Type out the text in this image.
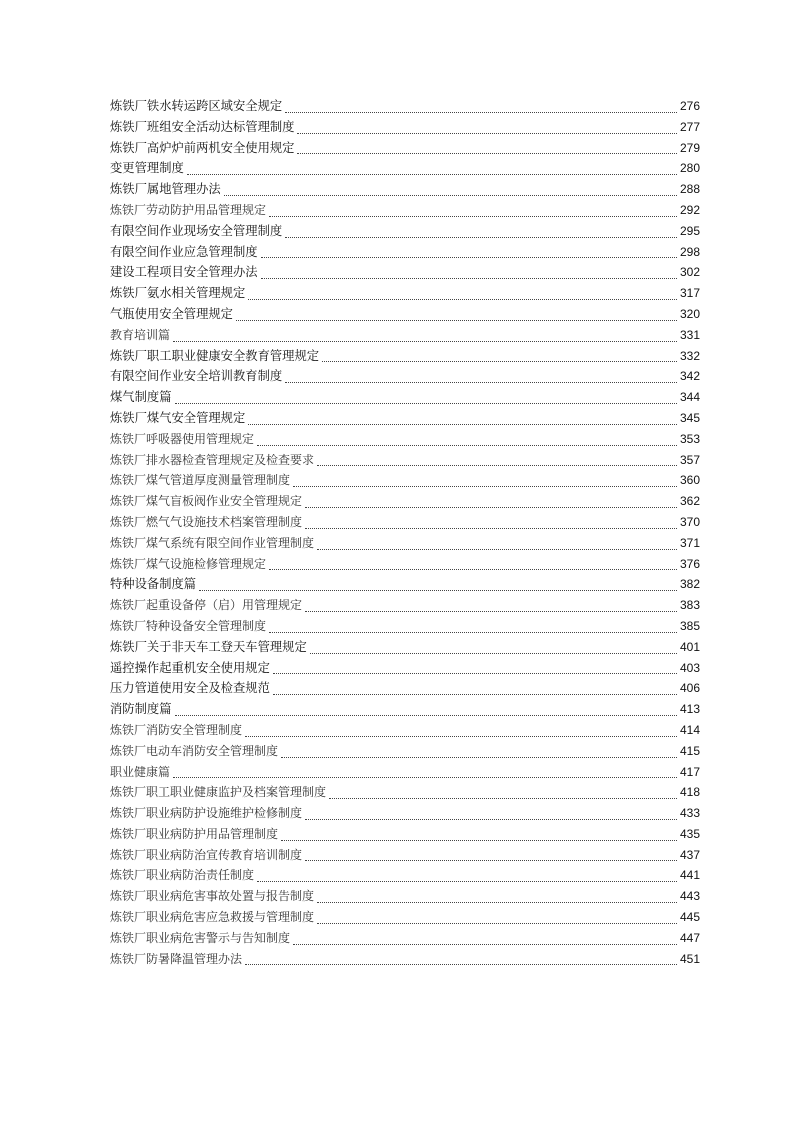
炼铁厂铁水转运跨区域安全规定	276
炼铁厂班组安全活动达标管理制度	277
炼铁厂高炉炉前两机安全使用规定	279
变更管理制度	280
炼铁厂属地管理办法	288
炼铁厂劳动防护用品管理规定	292
有限空间作业现场安全管理制度	295
有限空间作业应急管理制度	298
建设工程项目安全管理办法	302
炼铁厂氨水相关管理规定	317
气瓶使用安全管理规定	320
教育培训篇	331
炼铁厂职工职业健康安全教育管理规定	332
有限空间作业安全培训教育制度	342
煤气制度篇	344
炼铁厂煤气安全管理规定	345
炼铁厂呼吸器使用管理规定	353
炼铁厂排水器检查管理规定及检查要求	357
炼铁厂煤气管道厚度测量管理制度	360
炼铁厂煤气盲板阀作业安全管理规定	362
炼铁厂燃气气设施技术档案管理制度	370
炼铁厂煤气系统有限空间作业管理制度	371
炼铁厂煤气设施检修管理规定	376
特种设备制度篇	382
炼铁厂起重设备停（启）用管理规定	383
炼铁厂特种设备安全管理制度	385
炼铁厂关于非天车工登天车管理规定	401
遥控操作起重机安全使用规定	403
压力管道使用安全及检查规范	406
消防制度篇	413
炼铁厂消防安全管理制度	414
炼铁厂电动车消防安全管理制度	415
职业健康篇	417
炼铁厂职工职业健康监护及档案管理制度	418
炼铁厂职业病防护设施维护检修制度	433
炼铁厂职业病防护用品管理制度	435
炼铁厂职业病防治宣传教育培训制度	437
炼铁厂职业病防治责任制度	441
炼铁厂职业病危害事故处置与报告制度	443
炼铁厂职业病危害应急救援与管理制度	445
炼铁厂职业病危害警示与告知制度	447
炼铁厂防暑降温管理办法	451
